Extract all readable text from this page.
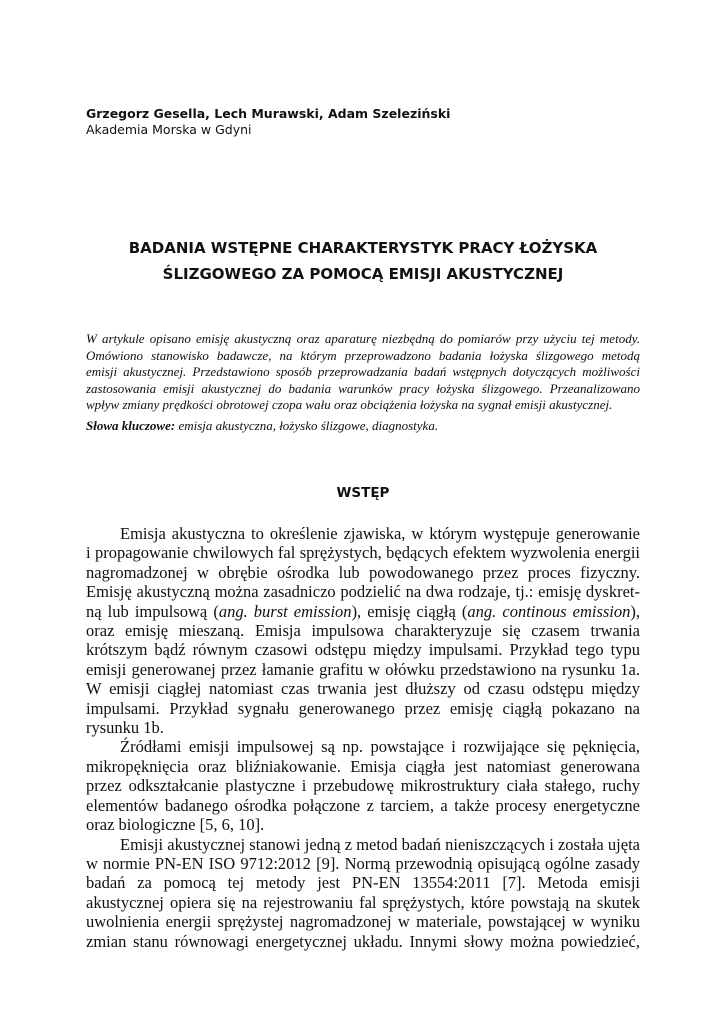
Grzegorz Gesella, Lech Murawski, Adam Szeleziński
Akademia Morska w Gdyni
BADANIA WSTĘPNE CHARAKTERYSTYK PRACY ŁOŻYSKA
ŚLIZGOWEGO ZA POMOCĄ EMISJI AKUSTYCZNEJ
W artykule opisano emisję akustyczną oraz aparaturę niezbędną do pomiarów przy użyciu tej metody.
Omówiono stanowisko badawcze, na którym przeprowadzono badania łożyska ślizgowego metodą
emisji akustycznej. Przedstawiono sposób przeprowadzania badań wstępnych dotyczących możliwości
zastosowania emisji akustycznej do badania warunków pracy łożyska ślizgowego. Przeanalizowano
wpływ zmiany prędkości obrotowej czopa wału oraz obciążenia łożyska na sygnał emisji akustycznej.
Słowa kluczowe: emisja akustyczna, łożysko ślizgowe, diagnostyka.
WSTĘP
Emisja akustyczna to określenie zjawiska, w którym występuje generowanie
i propagowanie chwilowych fal sprężystych, będących efektem wyzwolenia energii
nagromadzonej w obrębie ośrodka lub powodowanego przez proces fizyczny.
Emisję akustyczną można zasadniczo podzielić na dwa rodzaje, tj.: emisję dyskret-
ną lub impulsową (ang. burst emission), emisję ciągłą (ang. continous emission),
oraz emisję mieszaną. Emisja impulsowa charakteryzuje się czasem trwania
krótszym bądź równym czasowi odstępu między impulsami. Przykład tego typu
emisji generowanej przez łamanie grafitu w ołówku przedstawiono na rysunku 1a.
W emisji ciągłej natomiast czas trwania jest dłuższy od czasu odstępu między
impulsami. Przykład sygnału generowanego przez emisję ciągłą pokazano na
rysunku 1b.
Źródłami emisji impulsowej są np. powstające i rozwijające się pęknięcia,
mikropęknięcia oraz bliźniakowanie. Emisja ciągła jest natomiast generowana
przez odkształcanie plastyczne i przebudowę mikrostruktury ciała stałego, ruchy
elementów badanego ośrodka połączone z tarciem, a także procesy energetyczne
oraz biologiczne [5, 6, 10].
Emisji akustycznej stanowi jedną z metod badań nieniszczących i została ujęta
w normie PN-EN ISO 9712:2012 [9]. Normą przewodnią opisującą ogólne zasady
badań za pomocą tej metody jest PN-EN 13554:2011 [7]. Metoda emisji
akustycznej opiera się na rejestrowaniu fal sprężystych, które powstają na skutek
uwolnienia energii sprężystej nagromadzonej w materiale, powstającej w wyniku
zmian stanu równowagi energetycznej układu. Innymi słowy można powiedzieć,
